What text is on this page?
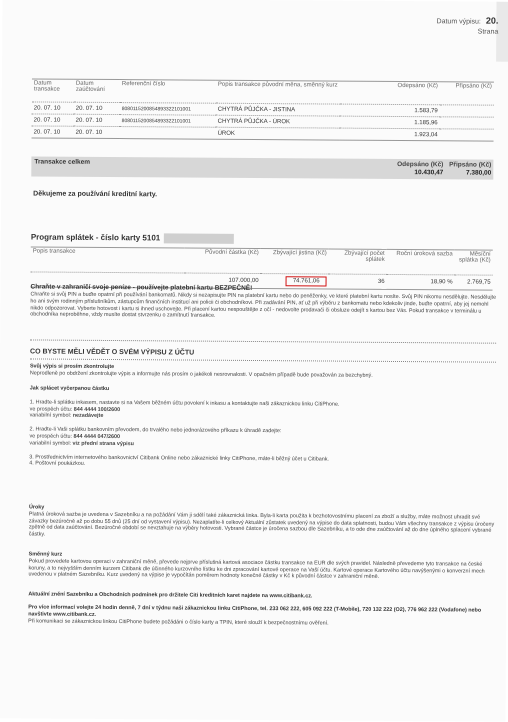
Datum výpisu: 20.
Strana
Datum transakce	Datum zaúčtování	Referenční číslo	Popis transakce původní měna, směnný kurz	Odepsáno (Kč)	Připsáno (Kč)
20. 07. 10	20. 07. 10	8080115200854893322101001	CHYTRÁ PŮJČKA - JISTINA	1.583,79	
20. 07. 10	20. 07. 10	8080115200854893322101001	CHYTRÁ PŮJČKA - ÚROK	1.185,96	
20. 07. 10	20. 07. 10		ÚROK	1.923,04	
Transakce celkem	Odepsáno (Kč) Připsáno (Kč)
10.430,47	7.380,00
Děkujeme za používání kreditní karty.
Program splátek - číslo karty 5101
Popis transakce	Původní částka (Kč)	Zbývající jistina (Kč)	Zbývající počet splátek	Roční úroková sazba	Měsíční splátka (Kč)
	107.000,00	74.761,06	36	18,90 %	2.769,75
Chraňte v zahraničí svoje peníze - používejte platební kartu BEZPEČNĚ!
Chraňte si svůj PIN a buďte opatrní při používání bankomatů. Nikdy si nezapisujte PIN na platební kartu nebo do peněženky, ve které platební kartu nosíte. Svůj PIN nikomu nesdělujte. Nesdělujte ho ani svým rodinným příslušníkům, zástupcům finančních institucí ani policii či obchodníkovi. Při zadávání PIN, ať už při výběru z bankomatu nebo kdekoliv jinde, buďte opatrní, aby jej nemohl nikdo odpozorovat. Vyberte hotovost i kartu si ihned uschovejte. Při placení kartou nespouštějte z očí - nedovolte prodavači či obsluze odejít s kartou bez Vás. Pokud transakce v terminálu u obchodníka neproběhne, vždy musíte dostat stvrzenku o zamítnutí transakce.
CO BYSTE MĚLI VĚDĚT O SVÉM VÝPISU Z ÚČTU
Svůj výpis si prosím zkontrolujte
Neprodleně po obdržení zkontrolujte výpis a informujte nás prosím o jakékoli nesrovnalosti. V opačném případě bude považován za bezchybný.
Jak splácet vyčerpanou částku
1. Hradte-li splátku inkasem, nastavte si na Vašem běžném účtu povolení k inkasu a kontaktujte naši zákaznickou linku CitiPhone.
ve prospěch účtu: 844 4444 100/2600
variabilní symbol: nezadávejte
2. Hradte-li Vaši splátku bankovním převodem, do trvalého nebo jednorázového příkazu k úhradě zadejte:
ve prospěch účtu: 844 4444 047/2600
variabilní symbol: viz přední strana výpisu
3. Prostřednictvím internetového bankovnictví Citibank Online nebo zákaznické linky CitiPhone, máte-li běžný účet u Citibank.
4. Poštovní poukázkou.
Úroky
Platná úroková sazba je uvedena v Sazebníku a na požádání Vám ji sdělí také zákaznická linka. Byla-li karta použita k bezhotovostnímu placení za zboží a služby, máte možnost uhradit své závazky bezúročně až po dobu 55 dnů (25 dní od vystavení výpisu). Nezaplatíte-li celkový Aktuální zůstatek uvedený na výpise do data splatnosti, budou Vám všechny transakce z výpisu úročeny zpětně od data zaúčtování. Bezúročné období se nevztahuje na výběry hotovosti. Vybrané částce je úročena sazbou dle Sazebníku, a to ode dne zaúčtování až do dne úplného splacení vybrané částky.
Směnný kurz
Pokud provedete kartovou operaci v zahraniční měně, převede nejprve příslušná kartová asociace částku transakce na EUR dle svých pravidel. Následně převedeme tyto transakce na české koruny, a to nejvyšším denním kurzem Citibank dle účinného kurzovního lístku ke dni zpracování kartové operace na Vaší účtu. Kartové operace Kartového účtu navýšenými o konverzní mech uvedenou v platném Sazebníku. Kurz uvedený na výpise je vypočítán poměrem hodnoty konečné částky v Kč k původní částce v zahraniční měně.
Aktuální znění Sazebníku a Obchodních podmínek pro držitele Citi kreditních karet najdete na www.citibank.cz.
Pro více informací volejte 24 hodin denně, 7 dní v týdnu naši zákaznickou linku CitiPhone, tel. 233 062 222, 605 092 222 (T-Mobile), 720 132 222 (O2), 776 962 222 (Vodafone) nebo navštivte www.citibank.cz.
Při komunikaci se zákaznickou linkou CitiPhone budete požádáni o číslo karty a TPIN, které slouží k bezpečnostnímu ověření.
